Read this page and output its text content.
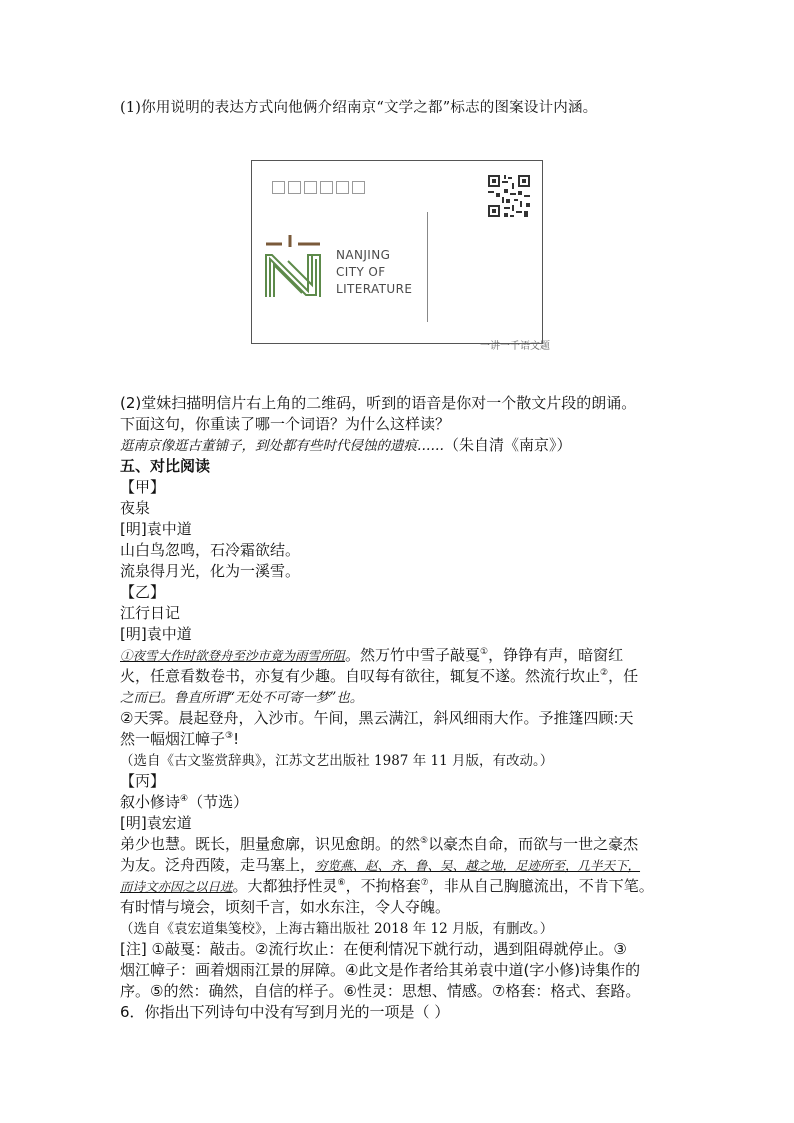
(1)你用说明的表达方式向他俩介绍南京“文学之都”标志的图案设计内涵。
NANJING
CITY OF
LITERATURE
一讲一千语文题
(2)堂妹扫描明信片右上角的二维码，听到的语音是你对一个散文片段的朗诵。
下面这句，你重读了哪一个词语？为什么这样读？
逛南京像逛古董铺子，到处都有些时代侵蚀的遗痕……（朱自清《南京》）
五、对比阅读
【甲】
夜泉
[明]袁中道
山白鸟忽鸣，石冷霜欲结。
流泉得月光，化为一溪雪。
【乙】
江行日记
[明]袁中道
①夜雪大作时欲登舟至沙市竟为雨雪所阻。然万竹中雪子敲戛①，铮铮有声，暗窗红
火，任意看数卷书，亦复有少趣。自叹每有欲往，辄复不遂。然流行坎止②，任
之而已。鲁直所谓“无处不可寄一梦”也。
②天霁。晨起登舟，入沙市。午间，黑云满江，斜风细雨大作。予推篷四顾:天
然一幅烟江幛子③!
（选自《古文鉴赏辞典》，江苏文艺出版社 1987 年 11 月版，有改动。）
【丙】
叙小修诗④（节选）
[明]袁宏道
弟少也慧。既长，胆量愈廓，识见愈朗。的然⑤以豪杰自命，而欲与一世之豪杰
为友。泛舟西陵，走马塞上，穷览燕、赵、齐、鲁、吴、越之地，足迹所至，几半天下，
而诗文亦因之以日进。大都独抒性灵⑥，不拘格套⑦，非从自己胸臆流出，不肯下笔。
有时情与境会，顷刻千言，如水东注，令人夺魄。
（选自《袁宏道集笺校》，上海古籍出版社 2018 年 12 月版，有删改。）
[注] ①敲戛：敲击。②流行坎止：在便利情况下就行动，遇到阻碍就停止。③
烟江幛子：画着烟雨江景的屏障。④此文是作者给其弟袁中道(字小修)诗集作的
序。⑤的然：确然，自信的样子。⑥性灵：思想、情感。⑦格套：格式、套路。
6．你指出下列诗句中没有写到月光的一项是（ ）
